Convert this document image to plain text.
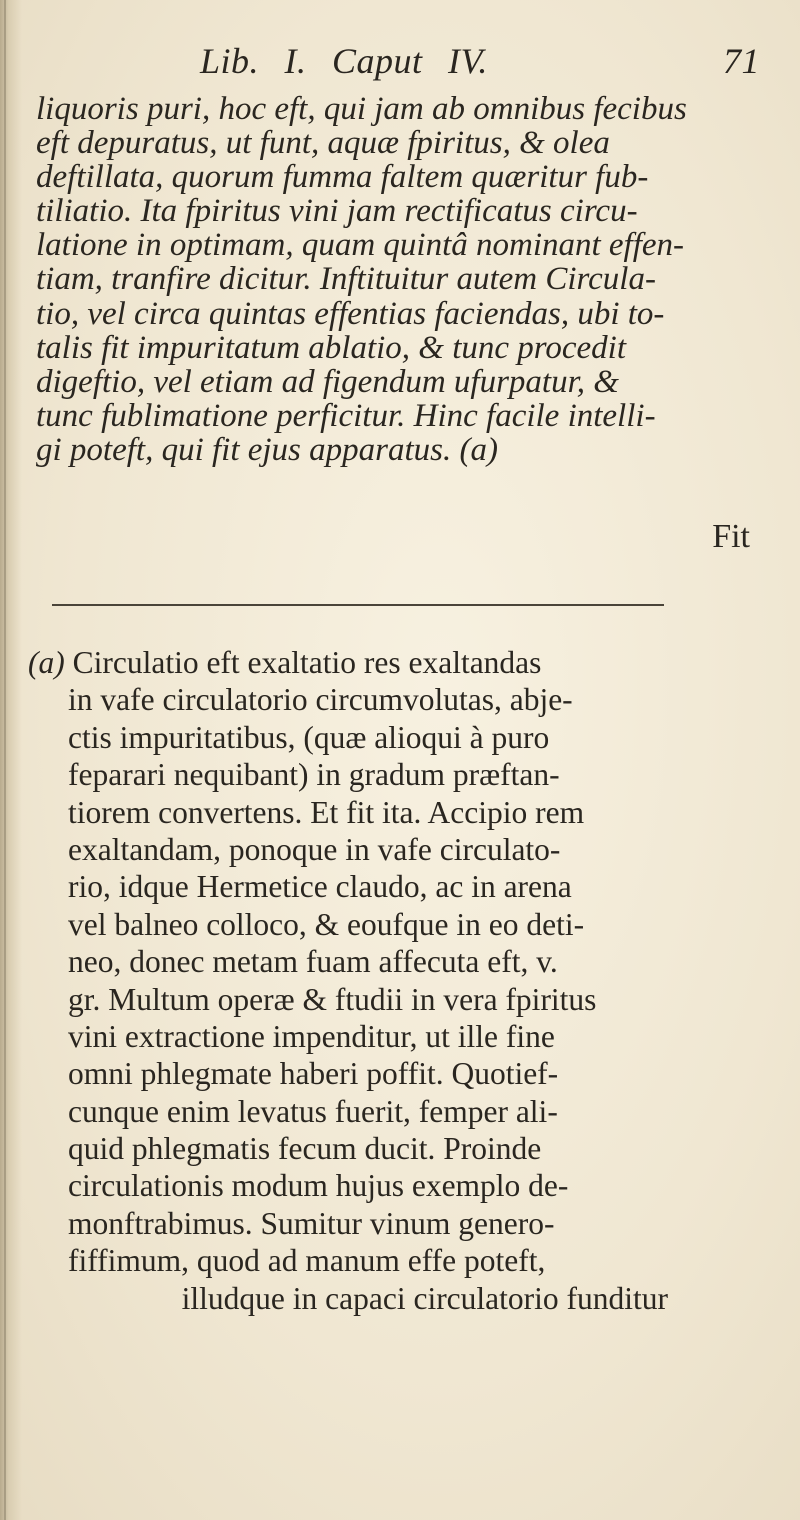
Lib. I. Caput IV.	71
liquoris puri, hoc eft, qui jam ab omnibus fecibus
eft depuratus, ut funt, aquæ fpiritus, & olea
deftillata, quorum fumma faltem quæritur fub-
tiliatio. Ita fpiritus vini jam rectificatus circu-
latione in optimam, quam quintâ nominant effen-
tiam, tranfire dicitur. Inftituitur autem Circula-
tio, vel circa quintas effentias faciendas, ubi to-
talis fit impuritatum ablatio, & tunc procedit
digeftio, vel etiam ad figendum ufurpatur, &
tunc fublimatione perficitur. Hinc facile intelli-
gi poteft, qui fit ejus apparatus. (a)
Fit
(a) Circulatio eft exaltatio res exaltandas
in vafe circulatorio circumvolutas, abje-
ctis impuritatibus, (quæ alioqui à puro
feparari nequibant) in gradum præftan-
tiorem convertens. Et fit ita. Accipio rem
exaltandam, ponoque in vafe circulato-
rio, idque Hermetice claudo, ac in arena
vel balneo colloco, & eoufque in eo deti-
neo, donec metam fuam affecuta eft, v.
gr. Multum operæ & ftudii in vera fpiritus
vini extractione impenditur, ut ille fine
omni phlegmate haberi poffit. Quotief-
cunque enim levatus fuerit, femper ali-
quid phlegmatis fecum ducit. Proinde
circulationis modum hujus exemplo de-
monftrabimus. Sumitur vinum genero-
fiffimum, quod ad manum effe poteft,
illudque in capaci circulatorio funditur
